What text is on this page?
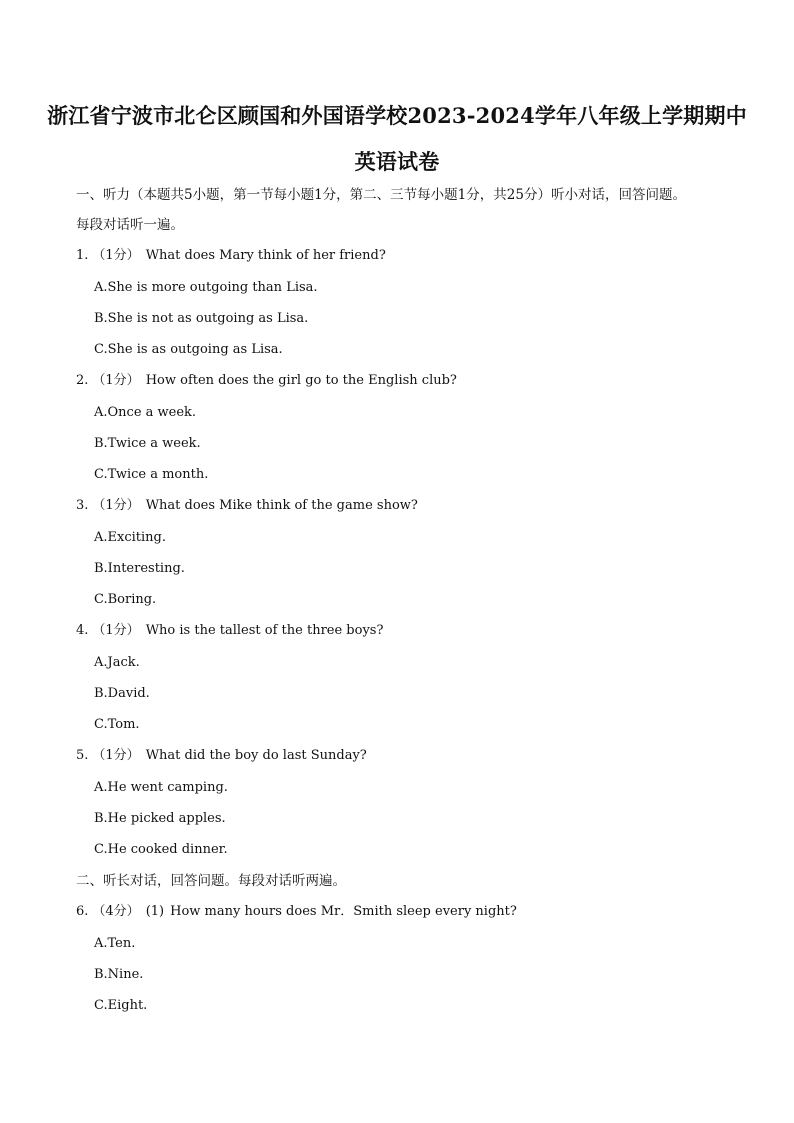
浙江省宁波市北仑区顾国和外国语学校2023-2024学年八年级上学期期中
英语试卷
一、听力（本题共5小题，第一节每小题1分，第二、三节每小题1分，共25分）听小对话，回答问题。
每段对话听一遍。
1. （1分） What does Mary think of her friend?
A.She is more outgoing than Lisa.
B.She is not as outgoing as Lisa.
C.She is as outgoing as Lisa.
2. （1分） How often does the girl go to the English club?
A.Once a week.
B.Twice a week.
C.Twice a month.
3. （1分） What does Mike think of the game show?
A.Exciting.
B.Interesting.
C.Boring.
4. （1分） Who is the tallest of the three boys?
A.Jack.
B.David.
C.Tom.
5. （1分） What did the boy do last Sunday?
A.He went camping.
B.He picked apples.
C.He cooked dinner.
二、听长对话，回答问题。每段对话听两遍。
6. （4分） (1) How many hours does Mr．Smith sleep every night?
A.Ten.
B.Nine.
C.Eight.
